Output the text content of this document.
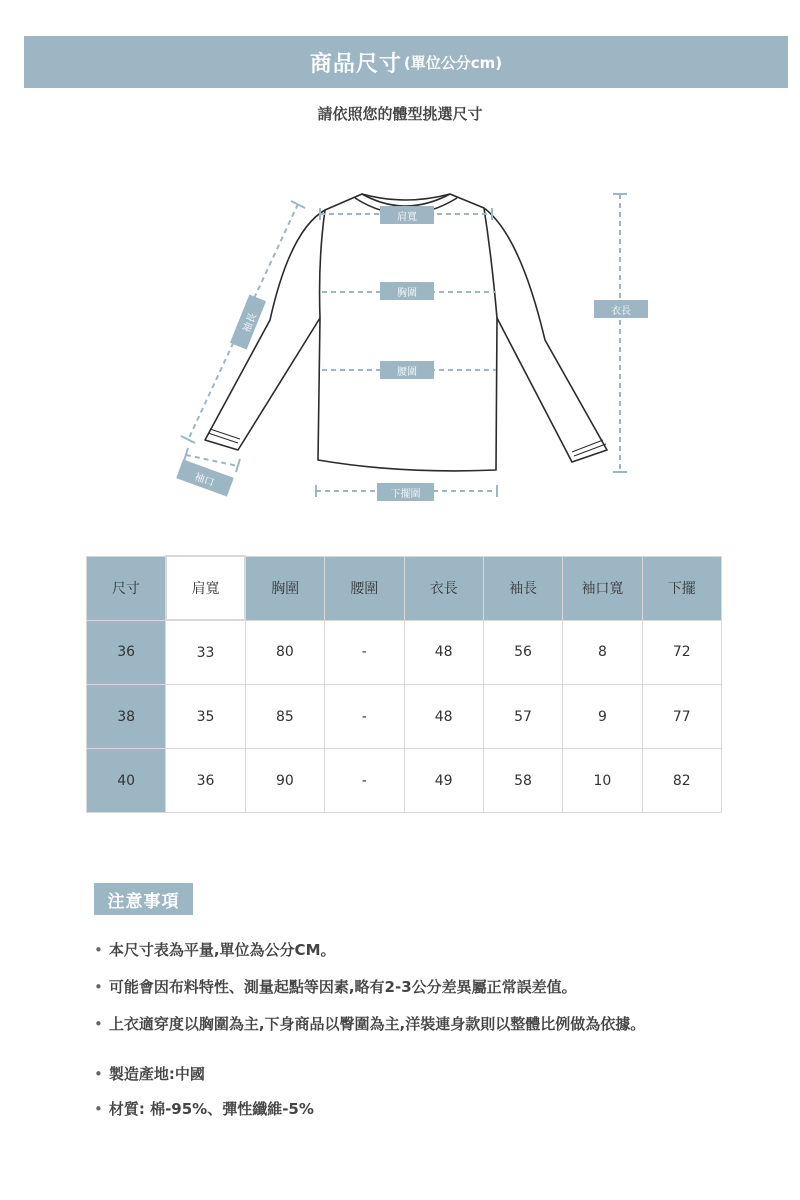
商品尺寸 (單位公分cm)
請依照您的體型挑選尺寸
肩寬
胸圍
腰圍
下擺圍
衣長
袖長
袖口
尺寸	肩寬	胸圍	腰圍	衣長	袖長	袖口寬	下擺
36	33	80	-	48	56	8	72
38	35	85	-	48	57	9	77
40	36	90	-	49	58	10	82
注意事項
• 本尺寸表為平量,單位為公分CM。
• 可能會因布料特性、測量起點等因素,略有2-3公分差異屬正常誤差值。
• 上衣適穿度以胸圍為主,下身商品以臀圍為主,洋裝連身款則以整體比例做為依據。
• 製造產地:中國
• 材質: 棉-95%、彈性纖維-5%
